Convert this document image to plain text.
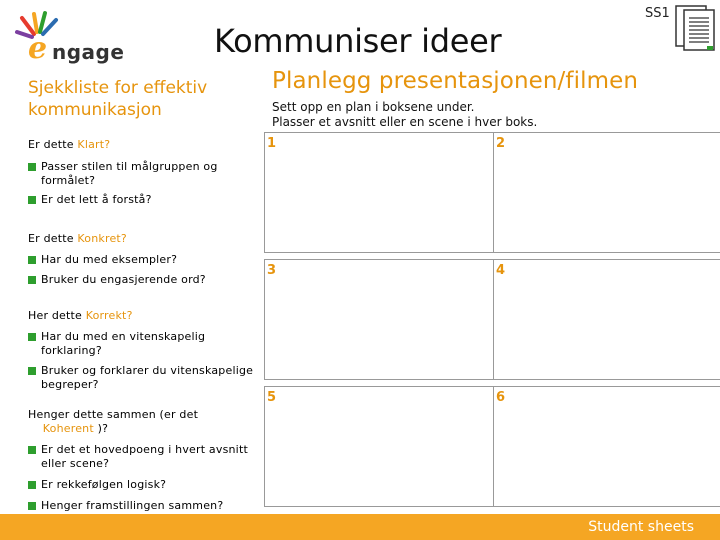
e ngage	Kommuniser ideer
SS1
Sjekkliste for effektiv kommunikasjon
Er dette Klart?
Passer stilen til målgruppen og formålet?
Er det lett å forstå?
Er dette Konkret?
Har du med eksempler?
Bruker du engasjerende ord?
Her dette Korrekt?
Har du med en vitenskapelig forklaring?
Bruker og forklarer du vitenskapelige begreper?
Henger dette sammen (er det
Koherent )?
Er det et hovedpoeng i hvert avsnitt eller scene?
Er rekkefølgen logisk?
Henger framstillingen sammen?
Planlegg presentasjonen/filmen
Sett opp en plan i boksene under.
Plasser et avsnitt eller en scene i hver boks.
1	2
3	4
5	6
Student sheets
